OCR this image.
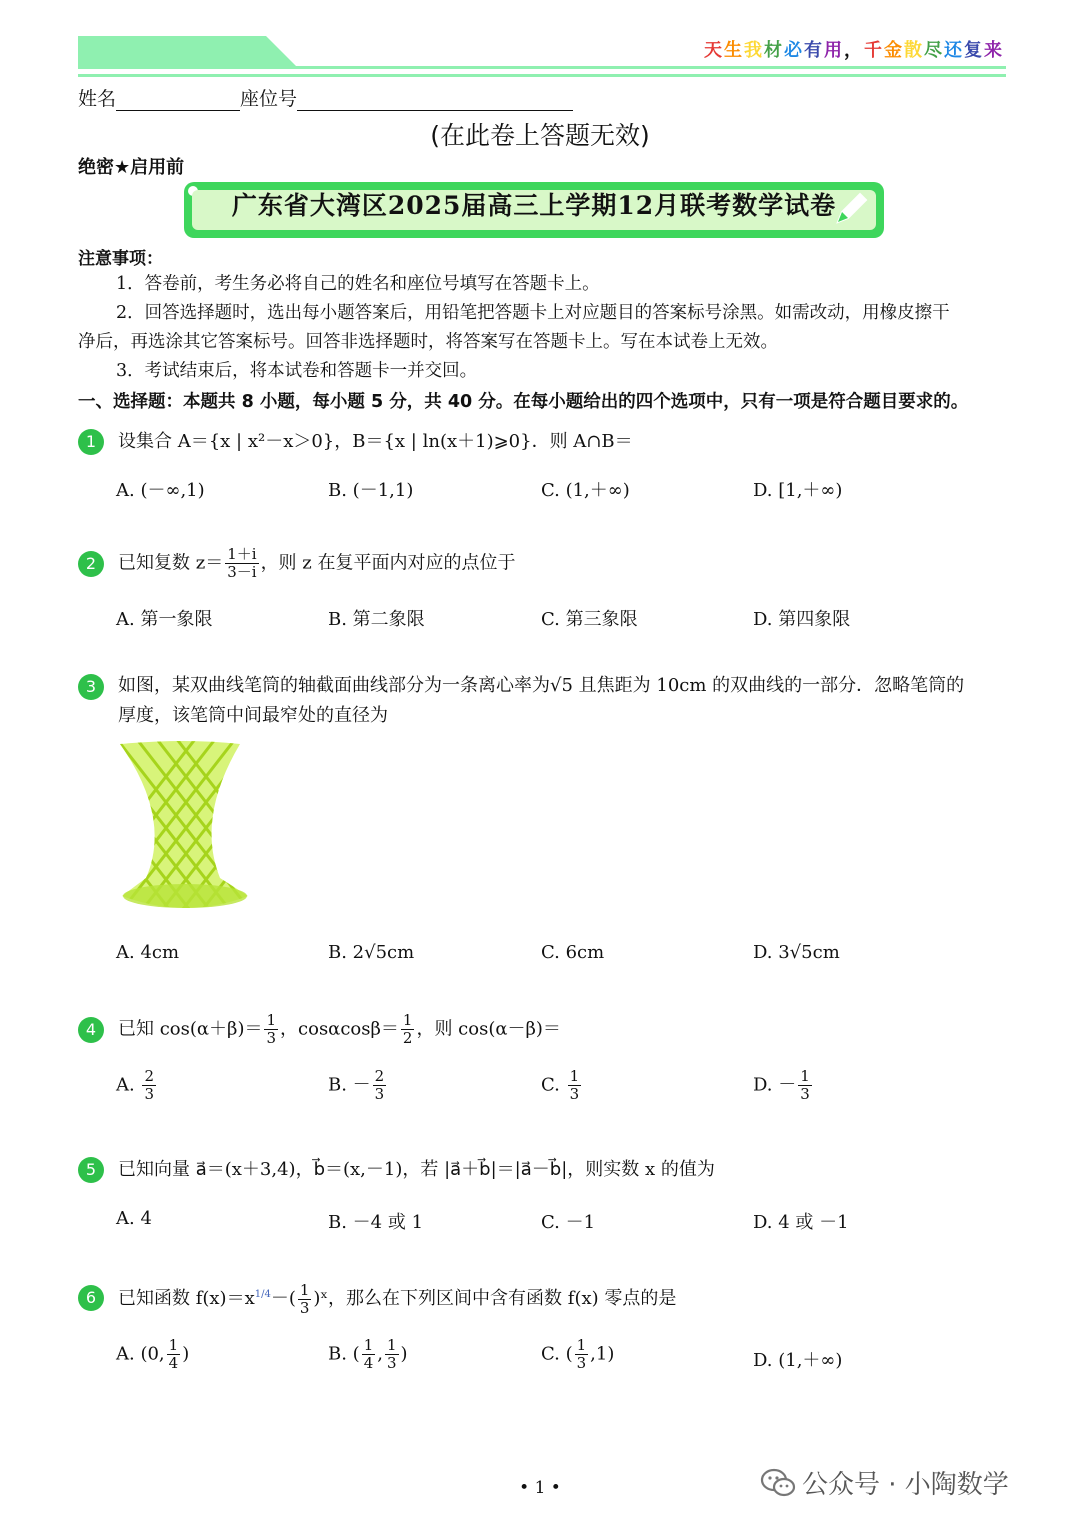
天生我材必有用，千金散尽还复来
姓名	座位号
(在此卷上答题无效)
绝密★启用前
广东省大湾区2025届高三上学期12月联考数学试卷
注意事项：
1．答卷前，考生务必将自己的姓名和座位号填写在答题卡上。
2．回答选择题时，选出每小题答案后，用铅笔把答题卡上对应题目的答案标号涂黑。如需改动，用橡皮擦干
净后，再选涂其它答案标号。回答非选择题时，将答案写在答题卡上。写在本试卷上无效。
3．考试结束后，将本试卷和答题卡一并交回。
一、选择题：本题共 8 小题，每小题 5 分，共 40 分。在每小题给出的四个选项中，只有一项是符合题目要求的。
1	设集合 A＝{x | x²－x＞0}，B＝{x | ln(x＋1)⩾0}．则 A∩B＝
A. (－∞,1)	B. (－1,1)	C. (1,＋∞)	D. [1,＋∞)
2	已知复数 $z= \frac{1+i}{3-i}$ ，则 z 在复平面内对应的点位于
A. 第一象限	B. 第二象限	C. 第三象限	D. 第四象限
3	如图，某双曲线笔筒的轴截面曲线部分为一条离心率为√5 且焦距为 10cm 的双曲线的一部分．忽略笔筒的
厚度，该笔筒中间最窄处的直径为
A. 4cm	B. 2√5cm	C. 6cm	D. 3√5cm
4	已知 $\cos(\alpha+\beta)= \frac{1}{3}$ ，$\cos\alpha\cos\beta= \frac{1}{2}$ ，则 cos(α－β)＝
A. $\frac{2}{3}$	B. － $\frac{2}{3}$	C. $\frac{1}{3}$	D. － $\frac{1}{3}$
5	已知向量 a⃗＝(x＋3,4)，b⃗＝(x,－1)，若 |a⃗＋b⃗|＝|a⃗－b⃗|，则实数 x 的值为
A. 4	B. －4 或 1	C. －1	D. 4 或 －1
6	已知函数 $f(x)=x^{1/4}-( \frac{1}{3}$ )ˣ，那么在下列区间中含有函数 f(x) 零点的是
A. (0, $\frac{1}{4}$ )	B. ( $\frac{1}{4}$ , $\frac{1}{3}$ )	C. ( $\frac{1}{3} ,1$)	D. (1,＋∞)
• 1 •	公众号 · 小陶数学
